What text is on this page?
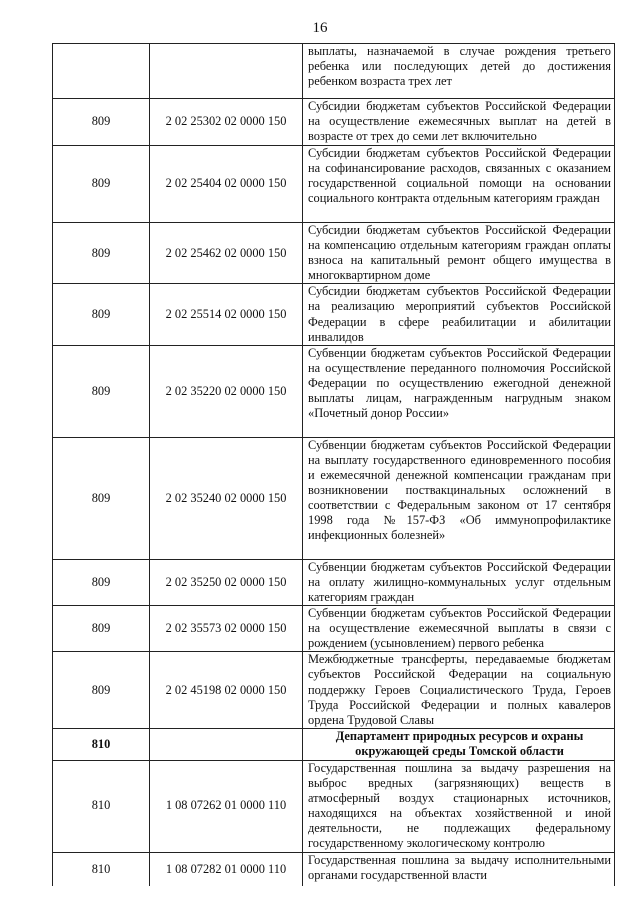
16
		выплаты, назначаемой в случае рождения третьего ребенка или последующих детей до достижения ребенком возраста трех лет
809	2 02 25302 02 0000 150	Субсидии бюджетам субъектов Российской Федерации на осуществление ежемесячных выплат на детей в возрасте от трех до семи лет включительно
809	2 02 25404 02 0000 150	Субсидии бюджетам субъектов Российской Федерации на софинансирование расходов, связанных с оказанием государственной социальной помощи на основании социального контракта отдельным категориям граждан
809	2 02 25462 02 0000 150	Субсидии бюджетам субъектов Российской Федерации на компенсацию отдельным категориям граждан оплаты взноса на капитальный ремонт общего имущества в многоквартирном доме
809	2 02 25514 02 0000 150	Субсидии бюджетам субъектов Российской Федерации на реализацию мероприятий субъектов Российской Федерации в сфере реабилитации и абилитации инвалидов
809	2 02 35220 02 0000 150	Субвенции бюджетам субъектов Российской Федерации на осуществление переданного полномочия Российской Федерации по осуществлению ежегодной денежной выплаты лицам, награжденным нагрудным знаком «Почетный донор России»
809	2 02 35240 02 0000 150	Субвенции бюджетам субъектов Российской Федерации на выплату государственного единовременного пособия и ежемесячной денежной компенсации гражданам при возникновении поствакцинальных осложнений в соответствии с Федеральным законом от 17 сентября 1998 года №157-ФЗ «Об иммунопрофилактике инфекционных болезней»
809	2 02 35250 02 0000 150	Субвенции бюджетам субъектов Российской Федерации на оплату жилищно-коммунальных услуг отдельным категориям граждан
809	2 02 35573 02 0000 150	Субвенции бюджетам субъектов Российской Федерации на осуществление ежемесячной выплаты в связи с рождением (усыновлением) первого ребенка
809	2 02 45198 02 0000 150	Межбюджетные трансферты, передаваемые бюджетам субъектов Российской Федерации на социальную поддержку Героев Социалистического Труда, Героев Труда Российской Федерации и полных кавалеров ордена Трудовой Славы
810		Департамент природных ресурсов и охраны окружающей среды Томской области
810	1 08 07262 01 0000 110	Государственная пошлина за выдачу разрешения на выброс вредных (загрязняющих) веществ в атмосферный воздух стационарных источников, находящихся на объектах хозяйственной и иной деятельности, не подлежащих федеральному государственному экологическому контролю
810	1 08 07282 01 0000 110	Государственная пошлина за выдачу исполнительными органами государственной власти
